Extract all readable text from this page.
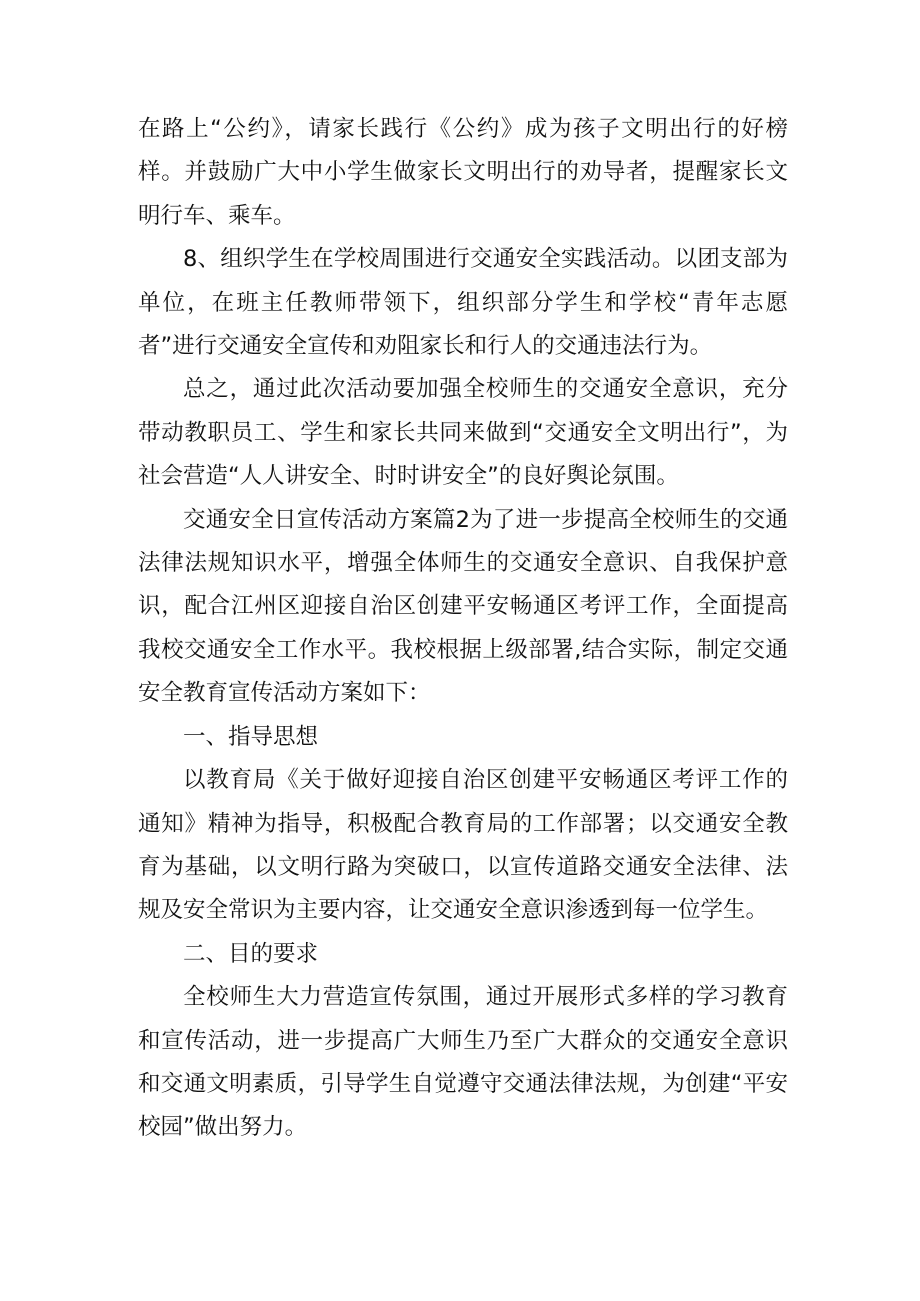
在路上“公约》，请家长践行《公约》成为孩子文明出行的好榜样。并鼓励广大中小学生做家长文明出行的劝导者，提醒家长文明行车、乘车。

8、组织学生在学校周围进行交通安全实践活动。以团支部为单位，在班主任教师带领下，组织部分学生和学校“青年志愿者”进行交通安全宣传和劝阻家长和行人的交通违法行为。

总之，通过此次活动要加强全校师生的交通安全意识，充分带动教职员工、学生和家长共同来做到“交通安全文明出行”，为社会营造“人人讲安全、时时讲安全”的良好舆论氛围。

交通安全日宣传活动方案篇2为了进一步提高全校师生的交通法律法规知识水平，增强全体师生的交通安全意识、自我保护意识，配合江州区迎接自治区创建平安畅通区考评工作，全面提高我校交通安全工作水平。我校根据上级部署,结合实际，制定交通安全教育宣传活动方案如下：

一、指导思想

以教育局《关于做好迎接自治区创建平安畅通区考评工作的通知》精神为指导，积极配合教育局的工作部署；以交通安全教育为基础，以文明行路为突破口，以宣传道路交通安全法律、法规及安全常识为主要内容，让交通安全意识渗透到每一位学生。

二、目的要求

全校师生大力营造宣传氛围，通过开展形式多样的学习教育和宣传活动，进一步提高广大师生乃至广大群众的交通安全意识和交通文明素质，引导学生自觉遵守交通法律法规，为创建“平安校园”做出努力。
